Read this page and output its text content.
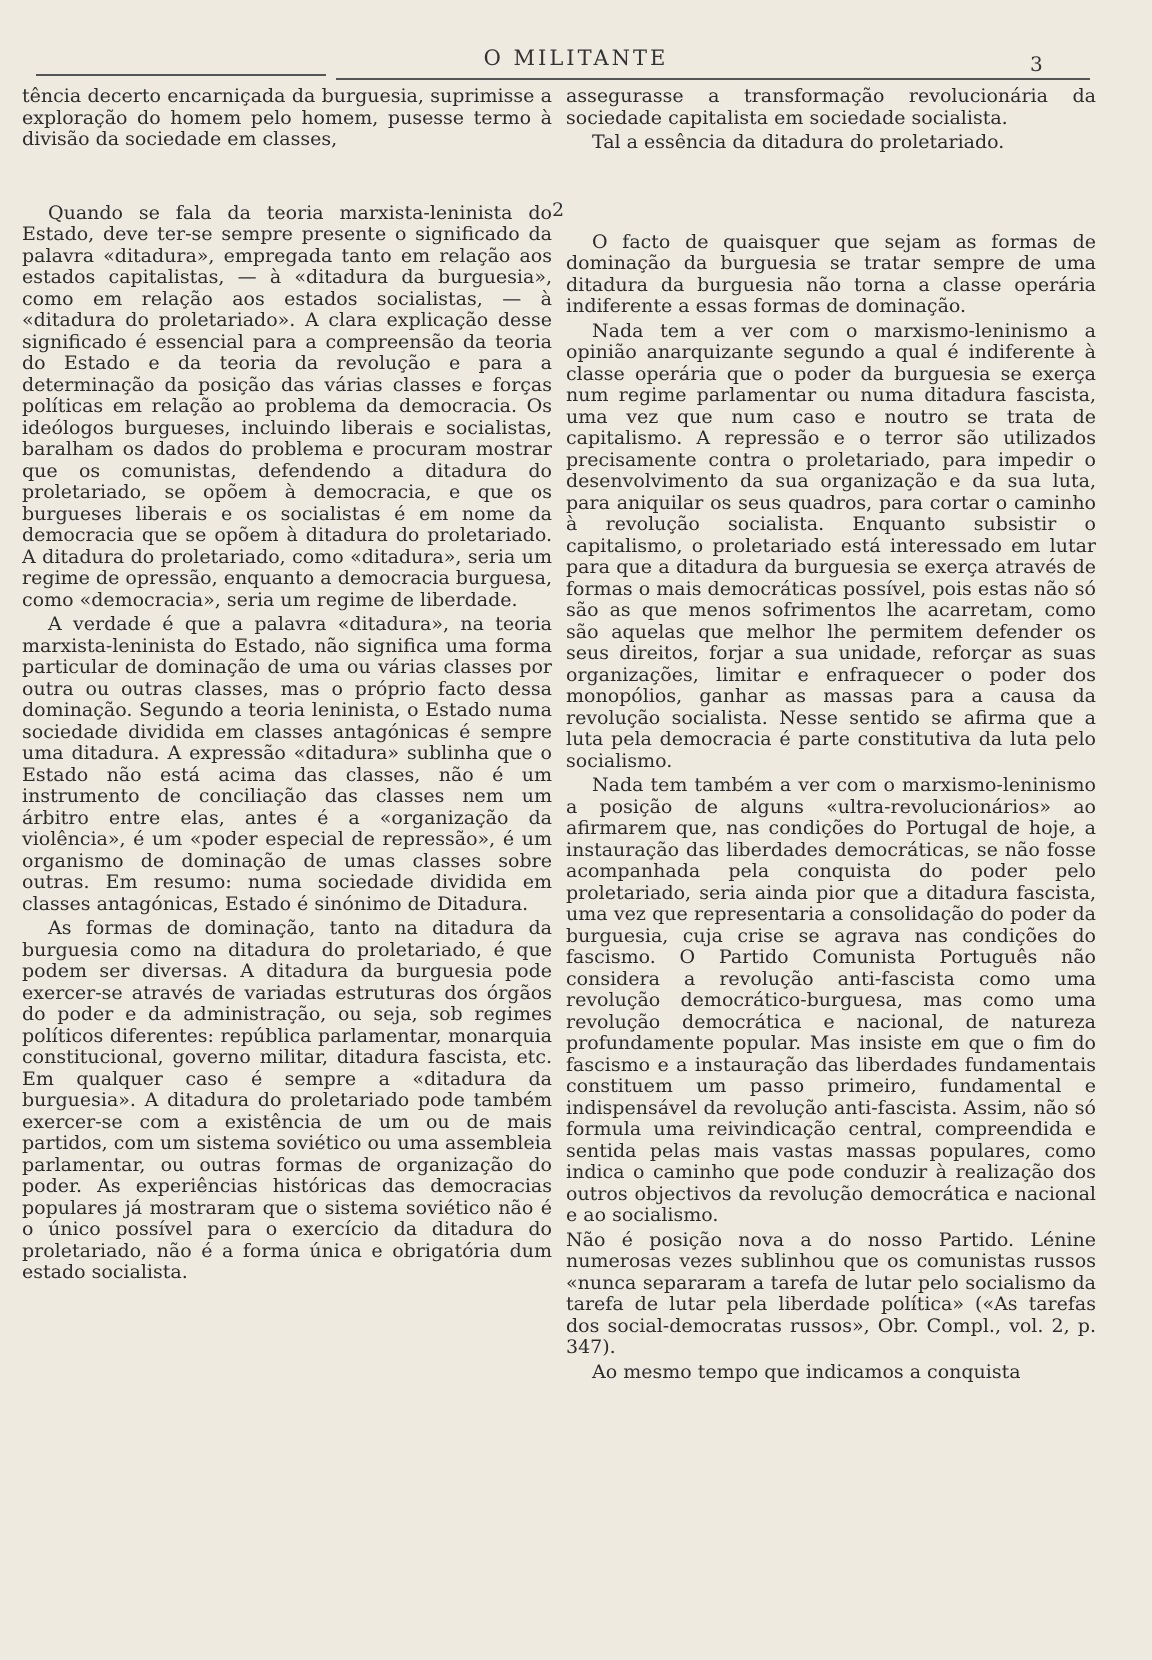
O MILITANTE	3
2

tência decerto encarniçada da burguesia, suprimisse a exploração do homem pelo homem, pusesse termo à divisão da sociedade em classes,

Quando se fala da teoria marxista-leninista do Estado, deve ter-se sempre presente o significado da palavra «ditadura», empregada tanto em relação aos estados capitalistas, — à «ditadura da burguesia», como em relação aos estados socialistas, — à «ditadura do proletariado». A clara explicação desse significado é essencial para a compreensão da teoria do Estado e da teoria da revolução e para a determinação da posição das várias classes e forças políticas em relação ao problema da democracia. Os ideólogos burgueses, incluindo liberais e socialistas, baralham os dados do problema e procuram mostrar que os comunistas, defendendo a ditadura do proletariado, se opõem à democracia, e que os burgueses liberais e os socialistas é em nome da democracia que se opõem à ditadura do proletariado. A ditadura do proletariado, como «ditadura», seria um regime de opressão, enquanto a democracia burguesa, como «democracia», seria um regime de liberdade.

A verdade é que a palavra «ditadura», na teoria marxista-leninista do Estado, não significa uma forma particular de dominação de uma ou várias classes por outra ou outras classes, mas o próprio facto dessa dominação. Segundo a teoria leninista, o Estado numa sociedade dividida em classes antagónicas é sempre uma ditadura. A expressão «ditadura» sublinha que o Estado não está acima das classes, não é um instrumento de conciliação das classes nem um árbitro entre elas, antes é a «organização da violência», é um «poder especial de repressão», é um organismo de dominação de umas classes sobre outras. Em resumo: numa sociedade dividida em classes antagónicas, Estado é sinónimo de Ditadura.

As formas de dominação, tanto na ditadura da burguesia como na ditadura do proletariado, é que podem ser diversas. A ditadura da burguesia pode exercer-se através de variadas estruturas dos órgãos do poder e da administração, ou seja, sob regimes políticos diferentes: república parlamentar, monarquia constitucional, governo militar, ditadura fascista, etc. Em qualquer caso é sempre a «ditadura da burguesia». A ditadura do proletariado pode também exercer-se com a existência de um ou de mais partidos, com um sistema soviético ou uma assembleia parlamentar, ou outras formas de organização do poder. As experiências históricas das democracias populares já mostraram que o sistema soviético não é o único possível para o exercício da ditadura do proletariado, não é a forma única e obrigatória dum estado socialista.

assegurasse a transformação revolucionária da sociedade capitalista em sociedade socialista.

Tal a essência da ditadura do proletariado.

O facto de quaisquer que sejam as formas de dominação da burguesia se tratar sempre de uma ditadura da burguesia não torna a classe operária indiferente a essas formas de dominação.

Nada tem a ver com o marxismo-leninismo a opinião anarquizante segundo a qual é indiferente à classe operária que o poder da burguesia se exerça num regime parlamentar ou numa ditadura fascista, uma vez que num caso e noutro se trata de capitalismo. A repressão e o terror são utilizados precisamente contra o proletariado, para impedir o desenvolvimento da sua organização e da sua luta, para aniquilar os seus quadros, para cortar o caminho à revolução socialista. Enquanto subsistir o capitalismo, o proletariado está interessado em lutar para que a ditadura da burguesia se exerça através de formas o mais democráticas possível, pois estas não só são as que menos sofrimentos lhe acarretam, como são aquelas que melhor lhe permitem defender os seus direitos, forjar a sua unidade, reforçar as suas organizações, limitar e enfraquecer o poder dos monopólios, ganhar as massas para a causa da revolução socialista. Nesse sentido se afirma que a luta pela democracia é parte constitutiva da luta pelo socialismo.

Nada tem também a ver com o marxismo-leninismo a posição de alguns «ultra-revolucionários» ao afirmarem que, nas condições do Portugal de hoje, a instauração das liberdades democráticas, se não fosse acompanhada pela conquista do poder pelo proletariado, seria ainda pior que a ditadura fascista, uma vez que representaria a consolidação do poder da burguesia, cuja crise se agrava nas condições do fascismo. O Partido Comunista Português não considera a revolução anti-fascista como uma revolução democrático-burguesa, mas como uma revolução democrática e nacional, de natureza profundamente popular. Mas insiste em que o fim do fascismo e a instauração das liberdades fundamentais constituem um passo primeiro, fundamental e indispensável da revolução anti-fascista. Assim, não só formula uma reivindicação central, compreendida e sentida pelas mais vastas massas populares, como indica o caminho que pode conduzir à realização dos outros objectivos da revolução democrática e nacional e ao socialismo.

Não é posição nova a do nosso Partido. Lénine numerosas vezes sublinhou que os comunistas russos «nunca separaram a tarefa de lutar pelo socialismo da tarefa de lutar pela liberdade política» («As tarefas dos social-democratas russos», Obr. Compl., vol. 2, p. 347).

Ao mesmo tempo que indicamos a conquista
